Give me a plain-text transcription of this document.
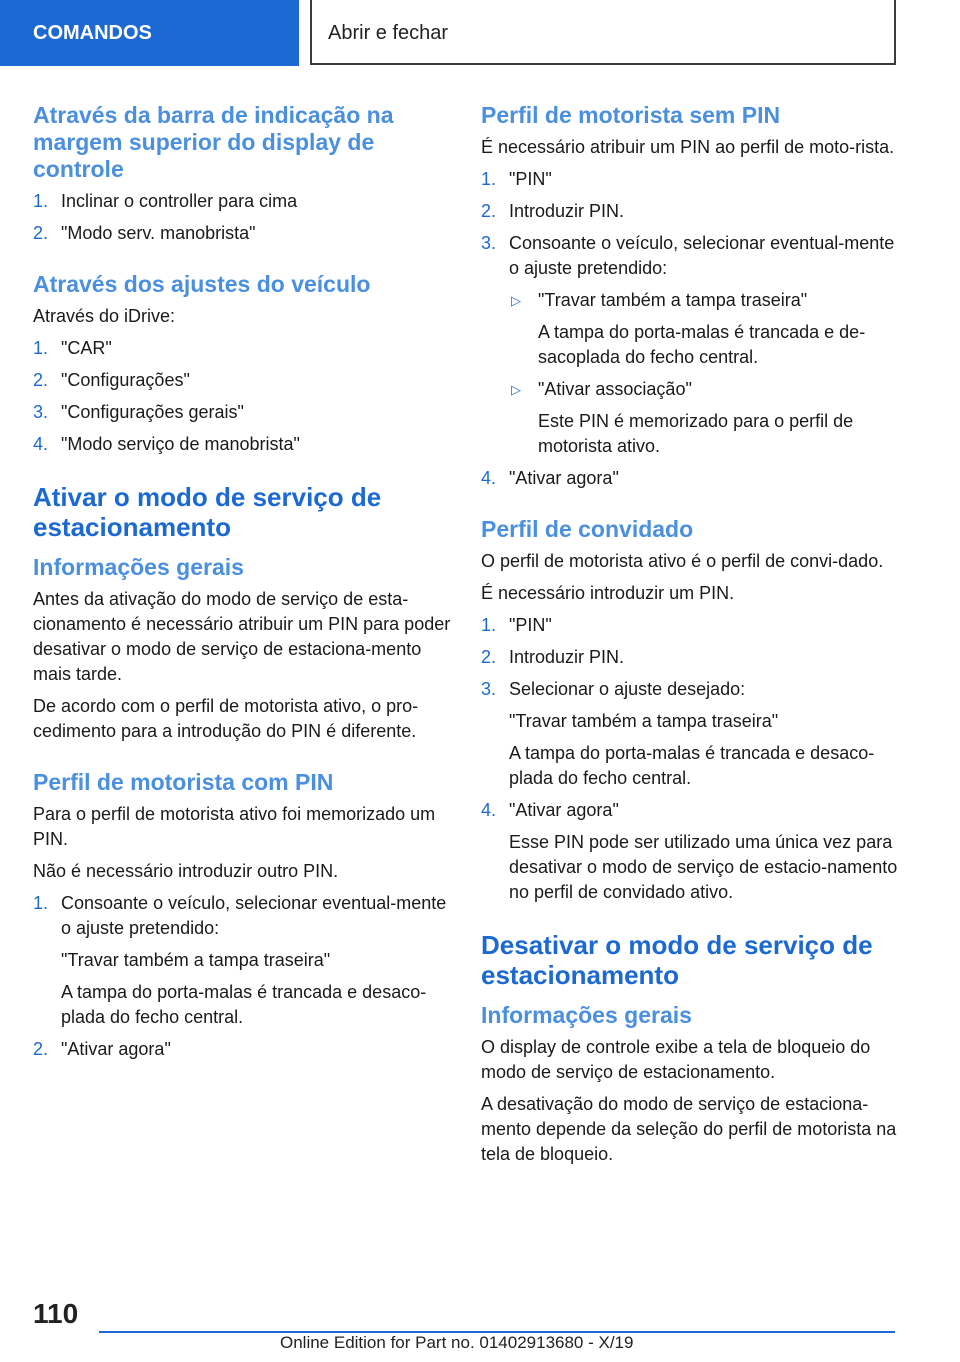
COMANDOS	Abrir e fechar
Através da barra de indicação na margem superior do display de controle
1. Inclinar o controller para cima
2. "Modo serv. manobrista"
Através dos ajustes do veículo
Através do iDrive:
1. "CAR"
2. "Configurações"
3. "Configurações gerais"
4. "Modo serviço de manobrista"
Ativar o modo de serviço de estacionamento
Informações gerais
Antes da ativação do modo de serviço de esta-cionamento é necessário atribuir um PIN para poder desativar o modo de serviço de estaciona-mento mais tarde.
De acordo com o perfil de motorista ativo, o pro-cedimento para a introdução do PIN é diferente.
Perfil de motorista com PIN
Para o perfil de motorista ativo foi memorizado um PIN.
Não é necessário introduzir outro PIN.
1. Consoante o veículo, selecionar eventual-mente o ajuste pretendido:
"Travar também a tampa traseira"
A tampa do porta-malas é trancada e desaco-plada do fecho central.
2. "Ativar agora"
Perfil de motorista sem PIN
É necessário atribuir um PIN ao perfil de moto-rista.
1. "PIN"
2. Introduzir PIN.
3. Consoante o veículo, selecionar eventual-mente o ajuste pretendido:
▷ "Travar também a tampa traseira"
A tampa do porta-malas é trancada e de-sacoplada do fecho central.
▷ "Ativar associação"
Este PIN é memorizado para o perfil de motorista ativo.
4. "Ativar agora"
Perfil de convidado
O perfil de motorista ativo é o perfil de convi-dado.
É necessário introduzir um PIN.
1. "PIN"
2. Introduzir PIN.
3. Selecionar o ajuste desejado:
"Travar também a tampa traseira"
A tampa do porta-malas é trancada e desaco-plada do fecho central.
4. "Ativar agora"
Esse PIN pode ser utilizado uma única vez para desativar o modo de serviço de estacio-namento no perfil de convidado ativo.
Desativar o modo de serviço de estacionamento
Informações gerais
O display de controle exibe a tela de bloqueio do modo de serviço de estacionamento.
A desativação do modo de serviço de estaciona-mento depende da seleção do perfil de motorista na tela de bloqueio.
110
Online Edition for Part no. 01402913680 - X/19
